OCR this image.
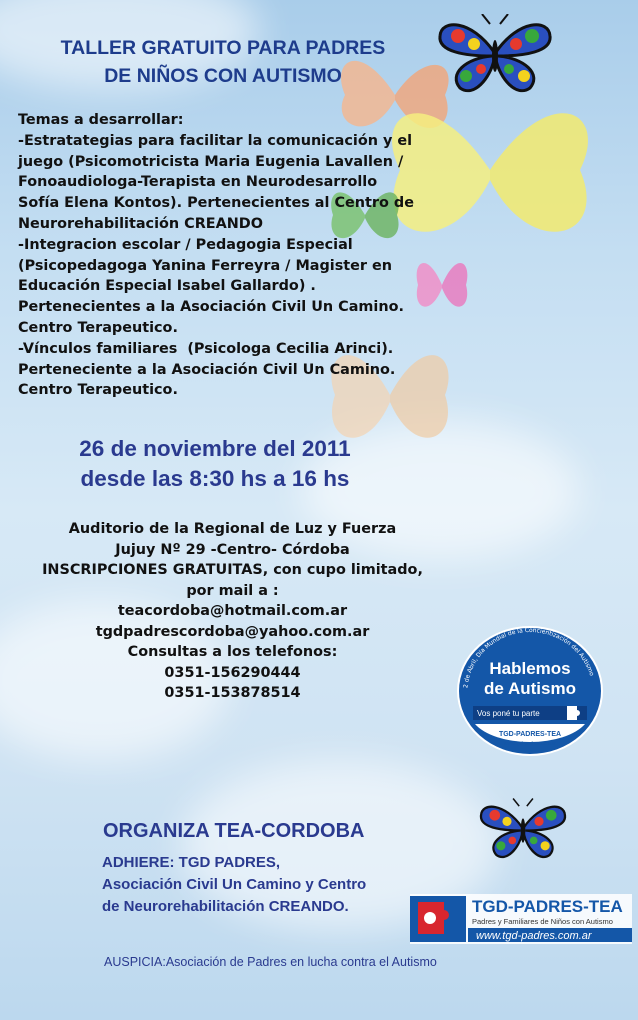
TALLER GRATUITO PARA PADRES
DE NIÑOS CON AUTISMO
Temas a desarrollar:
-Estratategias para facilitar la comunicación y el
juego (Psicomotricista Maria Eugenia Lavallen /
Fonoaudiologa-Terapista en Neurodesarrollo
Sofía Elena Kontos). Pertenecientes al Centro de
Neurorehabilitación CREANDO
-Integracion escolar / Pedagogia Especial
(Psicopedagoga Yanina Ferreyra / Magister en
Educación Especial Isabel Gallardo) .
Pertenecientes a la Asociación Civil Un Camino.
Centro Terapeutico.
-Vínculos familiares  (Psicologa Cecilia Arinci).
Perteneciente a la Asociación Civil Un Camino.
Centro Terapeutico.
26 de noviembre del 2011
desde las 8:30 hs a 16 hs
Auditorio de la Regional de Luz y Fuerza
Jujuy Nº 29 -Centro- Córdoba
INSCRIPCIONES GRATUITAS, con cupo limitado,
por mail a :
teacordoba@hotmail.com.ar
tgdpadrescordoba@yahoo.com.ar
Consultas a los telefonos:
0351-156290444
0351-153878514	2 de Abril, Día Mundial de la Concientización del Autismo
Hablemos
de Autismo
Vos poné tu parte
TGD-PADRES-TEA
www.tgd-padres.com.ar
ORGANIZA TEA-CORDOBA
ADHIERE: TGD PADRES,
Asociación Civil Un Camino y Centro
de Neurorehabilitación CREANDO.	TGD-PADRES-TEA
Padres y Familiares de Niños con Autismo
www.tgd-padres.com.ar
AUSPICIA:Asociación de Padres en lucha contra el Autismo
